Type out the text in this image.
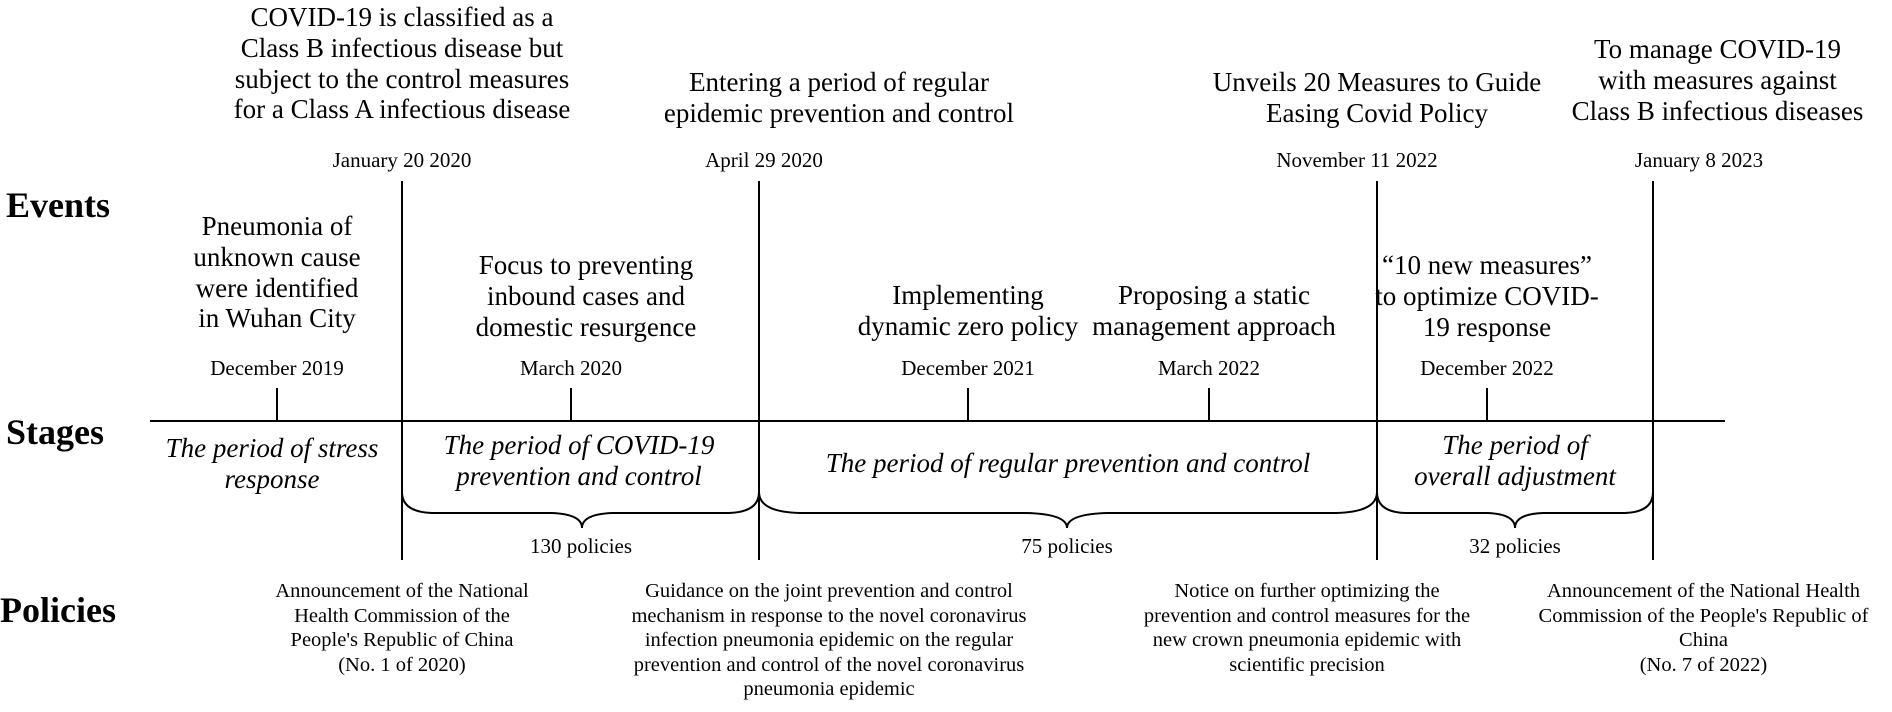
Events
Stages
Policies
COVID-19 is classified as a
Class B infectious disease but
subject to the control measures
for a Class A infectious disease
January 20 2020
Entering a period of regular
epidemic prevention and control
April 29 2020
Unveils 20 Measures to Guide
Easing Covid Policy
November 11 2022
To manage COVID-19
with measures against
Class B infectious diseases
January 8 2023
Pneumonia of
unknown cause
were identified
in Wuhan City
December 2019
Focus to preventing
inbound cases and
domestic resurgence
March 2020
Implementing
dynamic zero policy
December 2021
Proposing a static
management approach
March 2022
“10 new measures”
to optimize COVID-
19 response
December 2022
The period of stress
response
The period of COVID-19
prevention and control	The period of regular prevention and control
The period of
overall adjustment
130 policies	75 policies	32 policies
Announcement of the National
Health Commission of the
People's Republic of China
(No. 1 of 2020)
Guidance on the joint prevention and control
mechanism in response to the novel coronavirus
infection pneumonia epidemic on the regular
prevention and control of the novel coronavirus
pneumonia epidemic
Notice on further optimizing the
prevention and control measures for the
new crown pneumonia epidemic with
scientific precision
Announcement of the National Health
Commission of the People's Republic of
China
(No. 7 of 2022)
